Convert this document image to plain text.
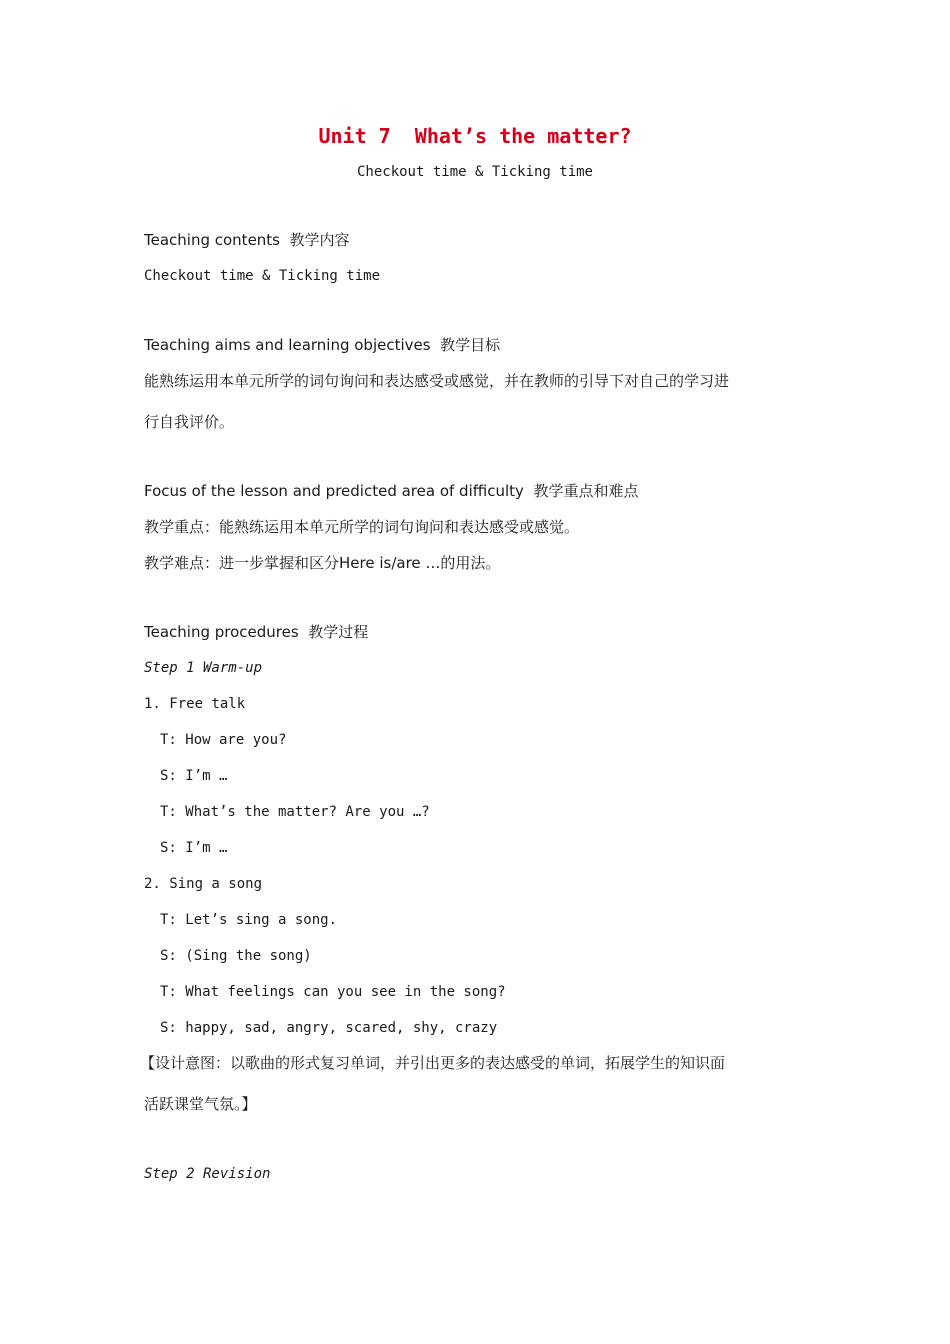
Unit 7  What’s the matter?
Checkout time & Ticking time
Teaching contents  教学内容
Checkout time & Ticking time
Teaching aims and learning objectives  教学目标
能熟练运用本单元所学的词句询问和表达感受或感觉，并在教师的引导下对自己的学习进
行自我评价。
Focus of the lesson and predicted area of difficulty  教学重点和难点
教学重点：能熟练运用本单元所学的词句询问和表达感受或感觉。
教学难点：进一步掌握和区分Here is/are …的用法。
Teaching procedures  教学过程
Step 1 Warm-up
1. Free talk
T: How are you?
S: I’m …
T: What’s the matter? Are you …?
S: I’m …
2. Sing a song
T: Let’s sing a song.
S: (Sing the song)
T: What feelings can you see in the song?
S: happy, sad, angry, scared, shy, crazy
【设计意图：以歌曲的形式复习单词，并引出更多的表达感受的单词，拓展学生的知识面
活跃课堂气氛。】
Step 2 Revision
